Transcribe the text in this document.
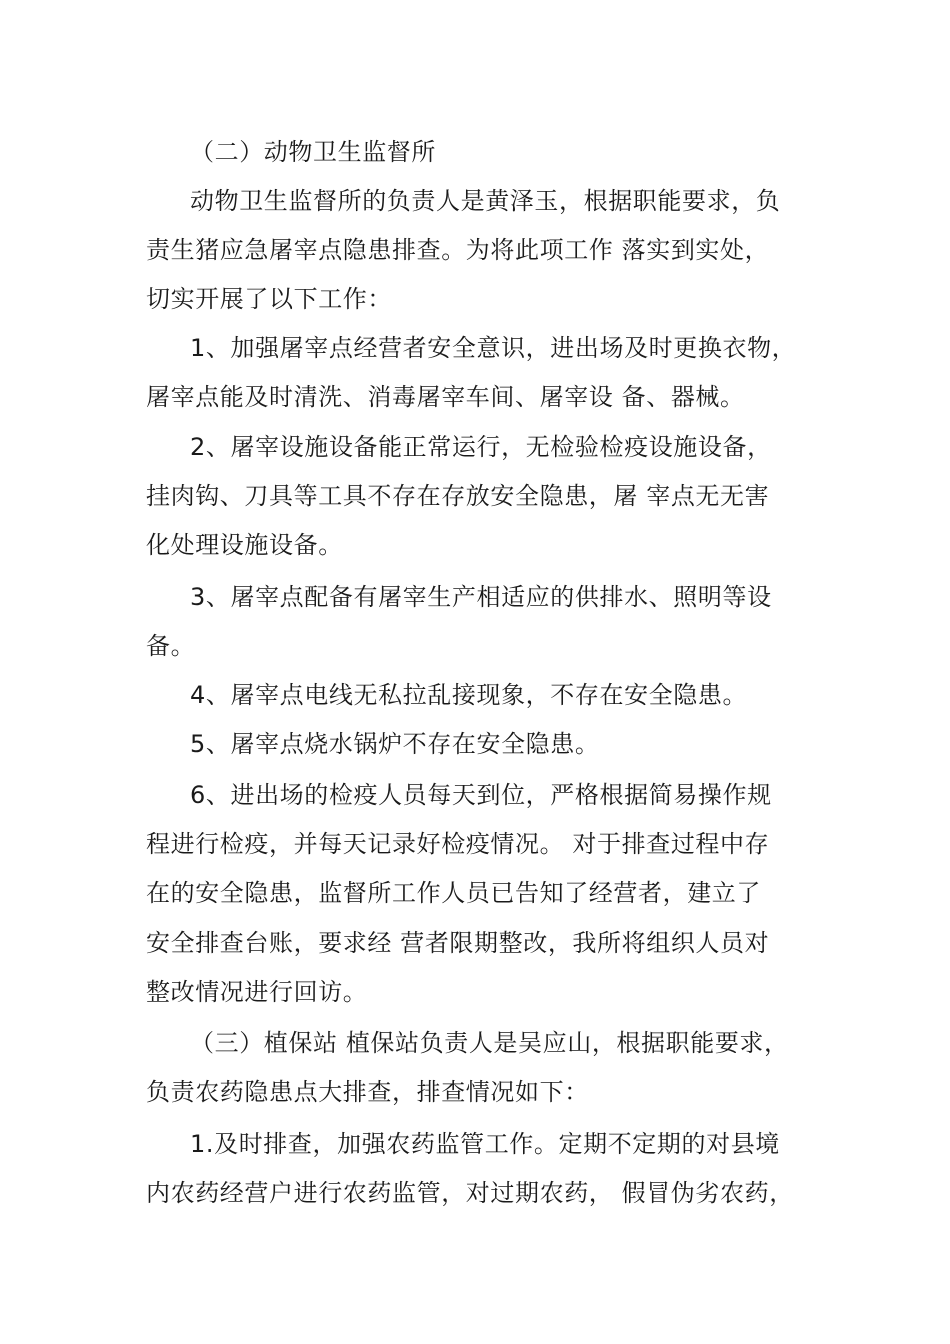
（二）动物卫生监督所
动物卫生监督所的负责人是黄泽玉，根据职能要求，负
责生猪应急屠宰点隐患排查。为将此项工作 落实到实处，
切实开展了以下工作：
1、加强屠宰点经营者安全意识，进出场及时更换衣物，
屠宰点能及时清洗、消毒屠宰车间、屠宰设 备、器械。
2、屠宰设施设备能正常运行，无检验检疫设施设备，
挂肉钩、刀具等工具不存在存放安全隐患，屠 宰点无无害
化处理设施设备。
3、屠宰点配备有屠宰生产相适应的供排水、照明等设
备。
4、屠宰点电线无私拉乱接现象，不存在安全隐患。
5、屠宰点烧水锅炉不存在安全隐患。
6、进出场的检疫人员每天到位，严格根据简易操作规
程进行检疫，并每天记录好检疫情况。 对于排查过程中存
在的安全隐患，监督所工作人员已告知了经营者，建立了
安全排查台账，要求经 营者限期整改，我所将组织人员对
整改情况进行回访。
（三）植保站 植保站负责人是吴应山，根据职能要求，
负责农药隐患点大排查，排查情况如下：
1.及时排查，加强农药监管工作。定期不定期的对县境
内农药经营户进行农药监管，对过期农药， 假冒伪劣农药，
